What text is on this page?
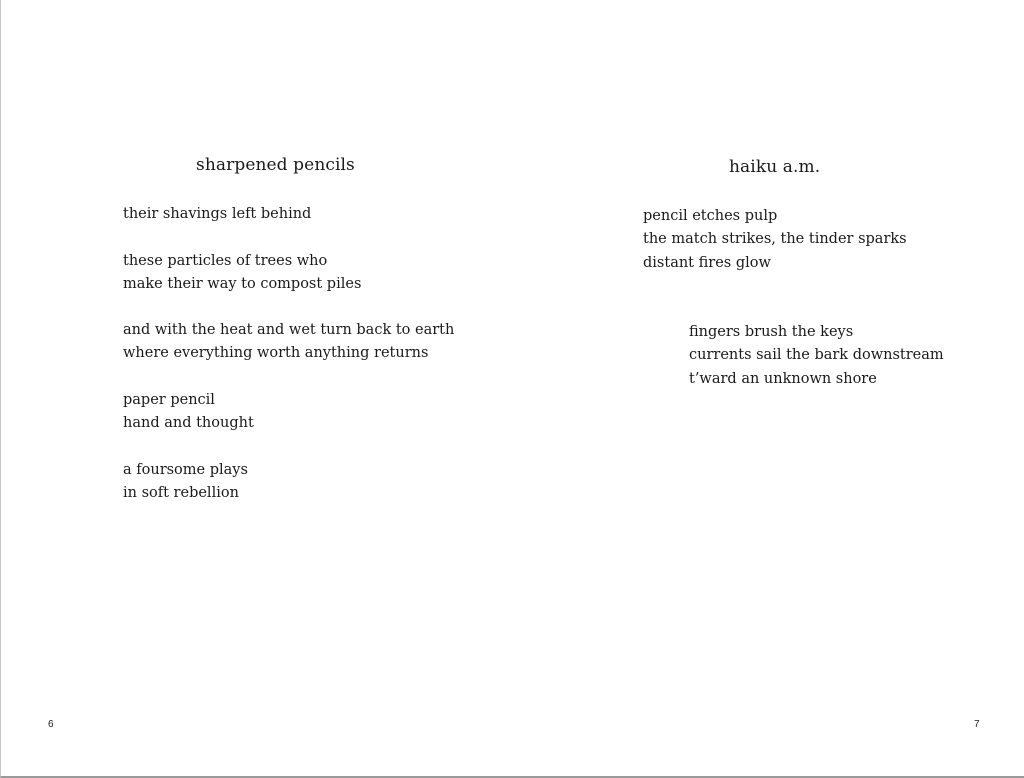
sharpened pencils

their shavings left behind

these particles of trees who
make their way to compost piles

and with the heat and wet turn back to earth
where everything worth anything returns

paper pencil
hand and thought

a foursome plays
in soft rebellion

6
haiku a.m.

pencil etches pulp
the match strikes, the tinder sparks
distant fires glow

fingers brush the keys
currents sail the bark downstream
t’ward an unknown shore

7
